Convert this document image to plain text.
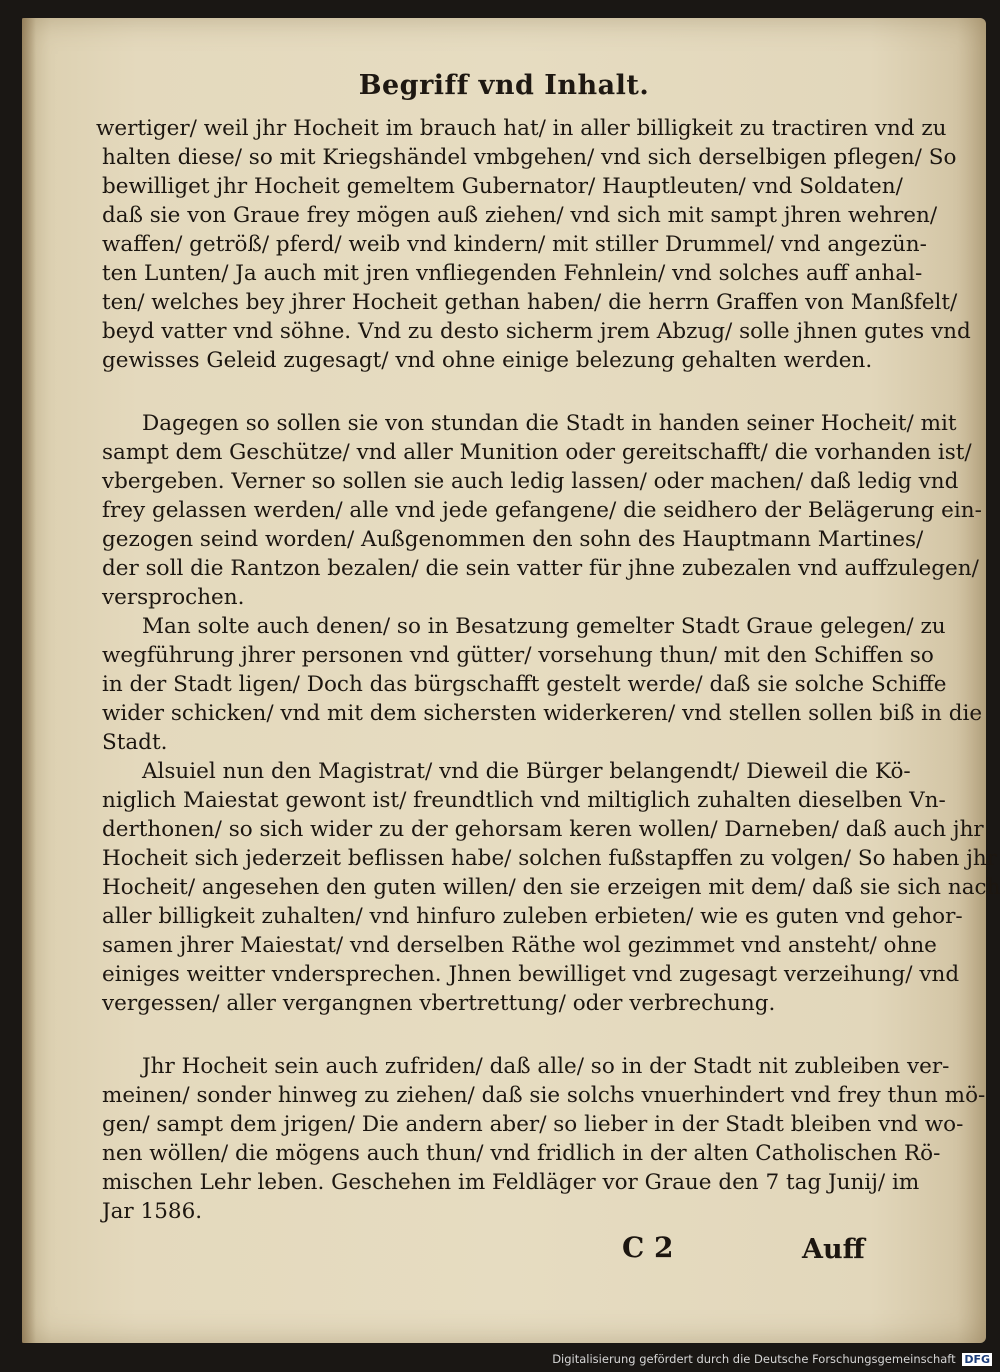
Begriff vnd Inhalt.
wertiger/ weil jhr Hocheit im brauch hat/ in aller billigkeit zu tractiren vnd zu
halten diese/ so mit Kriegshändel vmbgehen/ vnd sich derselbigen pflegen/ So
bewilliget jhr Hocheit gemeltem Gubernator/ Hauptleuten/ vnd Soldaten/
daß sie von Graue frey mögen auß ziehen/ vnd sich mit sampt jhren wehren/
waffen/ getröß/ pferd/ weib vnd kindern/ mit stiller Drummel/ vnd angezün-
ten Lunten/ Ja auch mit jren vnfliegenden Fehnlein/ vnd solches auff anhal-
ten/ welches bey jhrer Hocheit gethan haben/ die herrn Graffen von Manßfelt/
beyd vatter vnd söhne. Vnd zu desto sicherm jrem Abzug/ solle jhnen gutes vnd
gewisses Geleid zugesagt/ vnd ohne einige belezung gehalten werden.
Dagegen so sollen sie von stundan die Stadt in handen seiner Hocheit/ mit
sampt dem Geschütze/ vnd aller Munition oder gereitschafft/ die vorhanden ist/
vbergeben. Verner so sollen sie auch ledig lassen/ oder machen/ daß ledig vnd
frey gelassen werden/ alle vnd jede gefangene/ die seidhero der Belägerung ein-
gezogen seind worden/ Außgenommen den sohn des Hauptmann Martines/
der soll die Rantzon bezalen/ die sein vatter für jhne zubezalen vnd auffzulegen/
versprochen.
Man solte auch denen/ so in Besatzung gemelter Stadt Graue gelegen/ zu
wegführung jhrer personen vnd gütter/ vorsehung thun/ mit den Schiffen so
in der Stadt ligen/ Doch das bürgschafft gestelt werde/ daß sie solche Schiffe
wider schicken/ vnd mit dem sichersten widerkeren/ vnd stellen sollen biß in die
Stadt.
Alsuiel nun den Magistrat/ vnd die Bürger belangendt/ Dieweil die Kö-
niglich Maiestat gewont ist/ freundtlich vnd miltiglich zuhalten dieselben Vn-
derthonen/ so sich wider zu der gehorsam keren wollen/ Darneben/ daß auch jhr
Hocheit sich jederzeit beflissen habe/ solchen fußstapffen zu volgen/ So haben jhr
Hocheit/ angesehen den guten willen/ den sie erzeigen mit dem/ daß sie sich nach
aller billigkeit zuhalten/ vnd hinfuro zuleben erbieten/ wie es guten vnd gehor-
samen jhrer Maiestat/ vnd derselben Räthe wol gezimmet vnd ansteht/ ohne
einiges weitter vndersprechen. Jhnen bewilliget vnd zugesagt verzeihung/ vnd
vergessen/ aller vergangnen vbertrettung/ oder verbrechung.
Jhr Hocheit sein auch zufriden/ daß alle/ so in der Stadt nit zubleiben ver-
meinen/ sonder hinweg zu ziehen/ daß sie solchs vnuerhindert vnd frey thun mö-
gen/ sampt dem jrigen/ Die andern aber/ so lieber in der Stadt bleiben vnd wo-
nen wöllen/ die mögens auch thun/ vnd fridlich in der alten Catholischen Rö-
mischen Lehr leben. Geschehen im Feldläger vor Graue den 7 tag Junij/ im
Jar 1586.
C 2	Auff
Digitalisierung gefördert durch die Deutsche Forschungsgemeinschaft DFG
